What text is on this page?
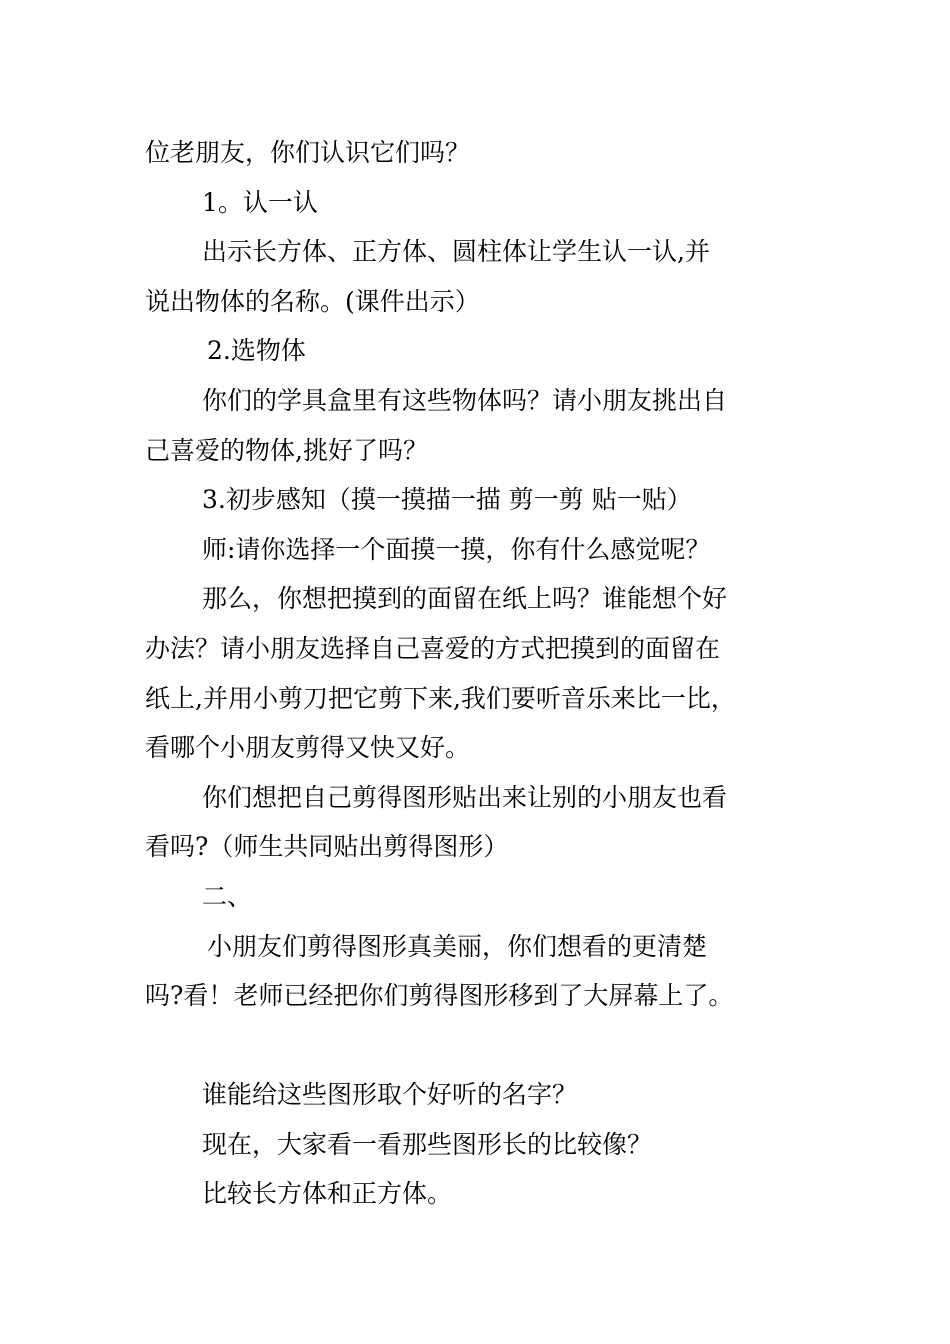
位老朋友，你们认识它们吗？
1。认一认
出示长方体、正方体、圆柱体让学生认一认,并
说出物体的名称。(课件出示）
2.选物体
你们的学具盒里有这些物体吗？请小朋友挑出自
己喜爱的物体,挑好了吗？
3.初步感知（摸一摸描一描 剪一剪 贴一贴）
师:请你选择一个面摸一摸，你有什么感觉呢？
那么，你想把摸到的面留在纸上吗？谁能想个好
办法？请小朋友选择自己喜爱的方式把摸到的面留在
纸上,并用小剪刀把它剪下来,我们要听音乐来比一比，
看哪个小朋友剪得又快又好。
你们想把自己剪得图形贴出来让别的小朋友也看
看吗?（师生共同贴出剪得图形）
二、
小朋友们剪得图形真美丽，你们想看的更清楚
吗?看！老师已经把你们剪得图形移到了大屏幕上了。
谁能给这些图形取个好听的名字？
现在，大家看一看那些图形长的比较像？
比较长方体和正方体。
